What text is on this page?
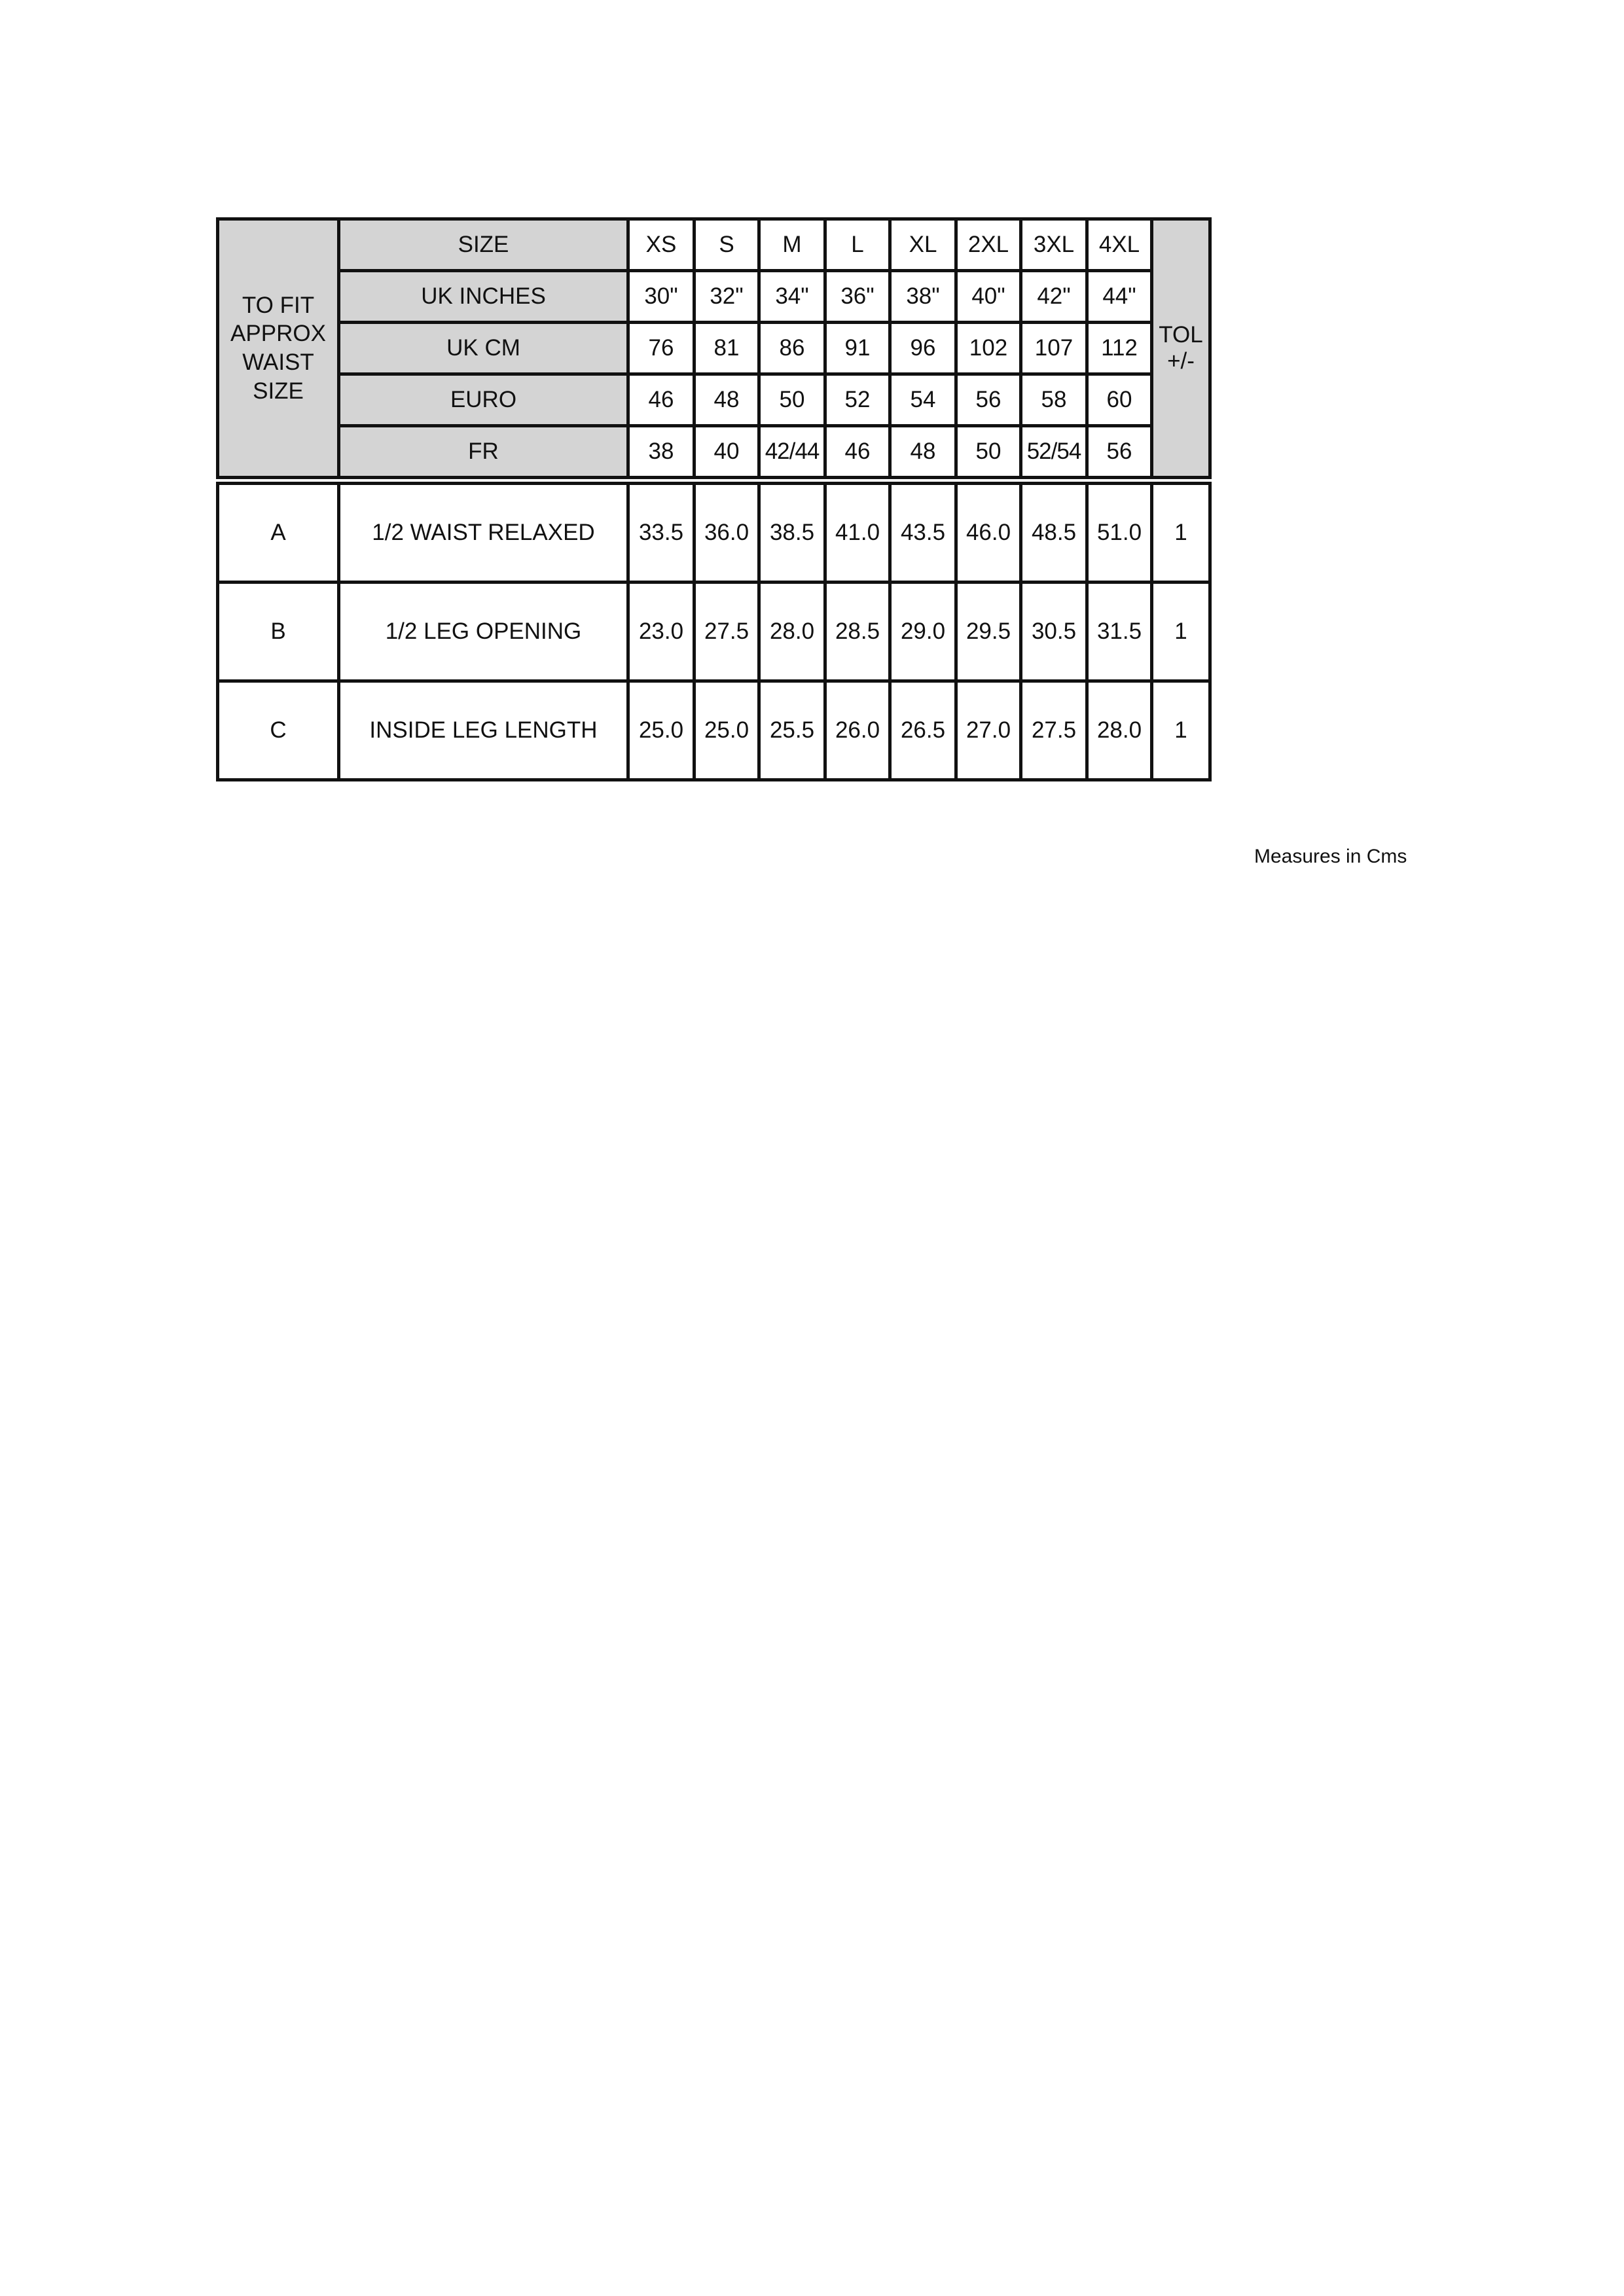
TO FIT APPROX WAIST SIZE	SIZE	XS	S	M	L	XL	2XL	3XL	4XL	TOL +/-
	UK INCHES	30"	32"	34"	36"	38"	40"	42"	44"	
	UK CM	76	81	86	91	96	102	107	112	
	EURO	46	48	50	52	54	56	58	60	
	FR	38	40	42/44	46	48	50	52/54	56	
A	1/2 WAIST RELAXED	33.5	36.0	38.5	41.0	43.5	46.0	48.5	51.0	1
B	1/2 LEG OPENING	23.0	27.5	28.0	28.5	29.0	29.5	30.5	31.5	1
C	INSIDE LEG LENGTH	25.0	25.0	25.5	26.0	26.5	27.0	27.5	28.0	1
Measures in Cms
